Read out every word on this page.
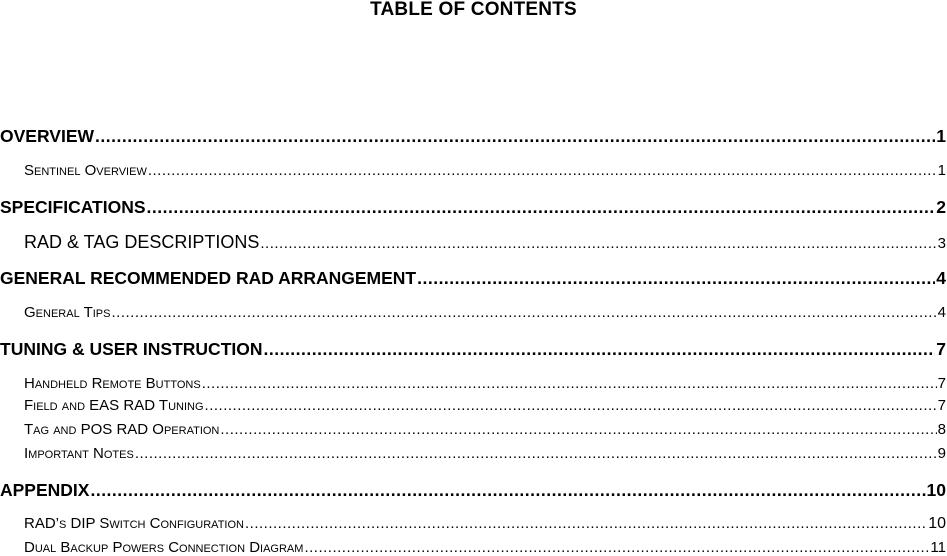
TABLE OF CONTENTS
OVERVIEW .....	1
Sentinel Overview .....	1
SPECIFICATIONS .....	2
RAD & TAG DESCRIPTIONS .....	3
GENERAL RECOMMENDED RAD ARRANGEMENT .....	4
General Tips .....	4
TUNING & USER INSTRUCTION .....	7
Handheld Remote Buttons .....	7
Field and EAS RAD Tuning .....	7
Tag and POS RAD Operation .....	8
Important Notes .....	9
APPENDIX .....	10
RAD’s DIP Switch Configuration .....	10
Dual Backup Powers Connection Diagram .....	11
